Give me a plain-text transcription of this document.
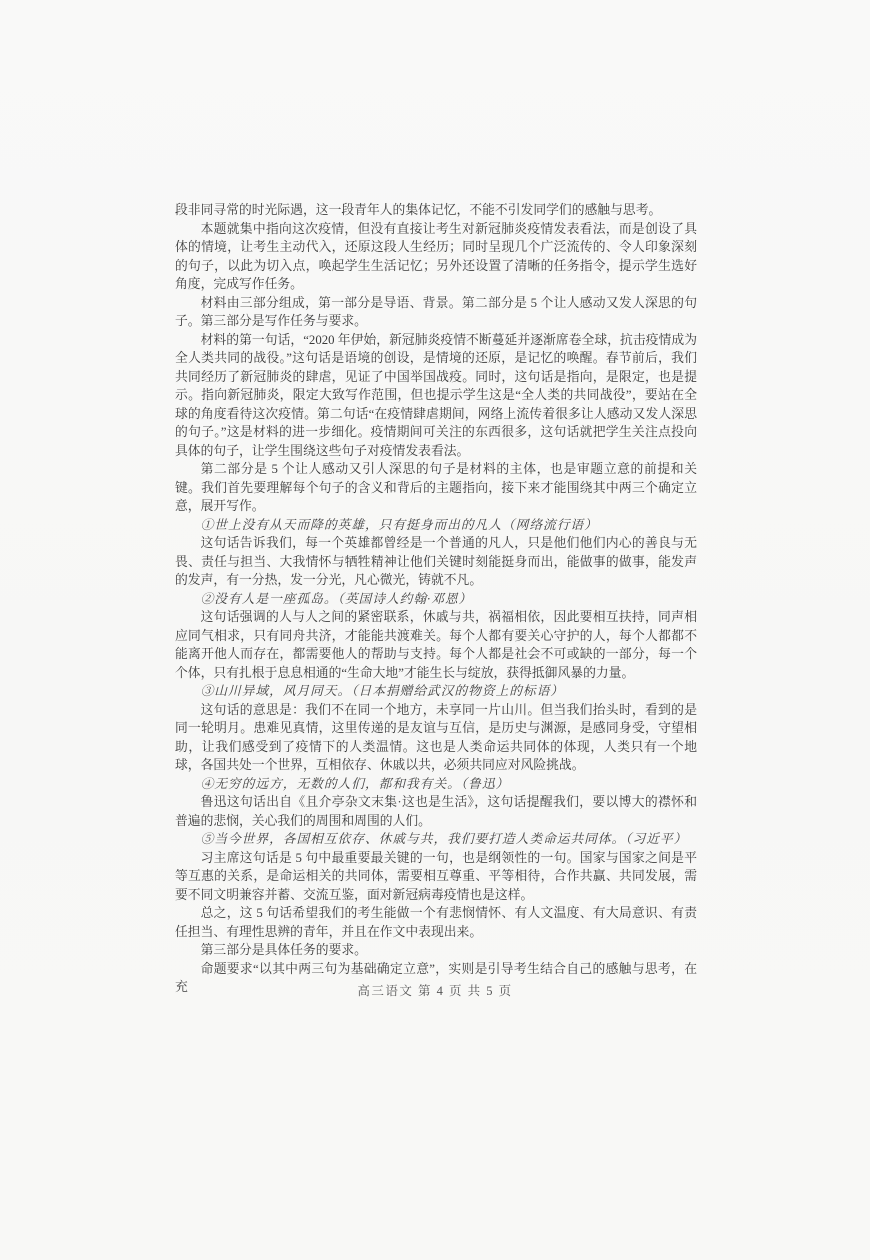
段非同寻常的时光际遇，这一段青年人的集体记忆，不能不引发同学们的感触与思考。

本题就集中指向这次疫情，但没有直接让考生对新冠肺炎疫情发表看法，而是创设了具体的情境，让考生主动代入，还原这段人生经历；同时呈现几个广泛流传的、令人印象深刻的句子，以此为切入点，唤起学生生活记忆；另外还设置了清晰的任务指令，提示学生选好角度，完成写作任务。

材料由三部分组成，第一部分是导语、背景。第二部分是 5 个让人感动又发人深思的句子。第三部分是写作任务与要求。

材料的第一句话，“2020 年伊始，新冠肺炎疫情不断蔓延并逐渐席卷全球，抗击疫情成为全人类共同的战役。”这句话是语境的创设，是情境的还原，是记忆的唤醒。春节前后，我们共同经历了新冠肺炎的肆虐，见证了中国举国战疫。同时，这句话是指向，是限定，也是提示。指向新冠肺炎，限定大致写作范围，但也提示学生这是“全人类的共同战役”，要站在全球的角度看待这次疫情。第二句话“在疫情肆虐期间，网络上流传着很多让人感动又发人深思的句子。”这是材料的进一步细化。疫情期间可关注的东西很多，这句话就把学生关注点投向具体的句子，让学生围绕这些句子对疫情发表看法。

第二部分是 5 个让人感动又引人深思的句子是材料的主体，也是审题立意的前提和关键。我们首先要理解每个句子的含义和背后的主题指向，接下来才能围绕其中两三个确定立意，展开写作。

①世上没有从天而降的英雄，只有挺身而出的凡人（网络流行语）

这句话告诉我们，每一个英雄都曾经是一个普通的凡人，只是他们他们内心的善良与无畏、责任与担当、大我情怀与牺牲精神让他们关键时刻能挺身而出，能做事的做事，能发声的发声，有一分热，发一分光，凡心微光，铸就不凡。

②没有人是一座孤岛。（英国诗人约翰·邓恩）

这句话强调的人与人之间的紧密联系，休戚与共，祸福相依，因此要相互扶持，同声相应同气相求，只有同舟共济，才能能共渡难关。每个人都有要关心守护的人，每个人都都不能离开他人而存在，都需要他人的帮助与支持。每个人都是社会不可或缺的一部分，每一个个体，只有扎根于息息相通的“生命大地”才能生长与绽放，获得抵御风暴的力量。

③山川异域，风月同天。（日本捐赠给武汉的物资上的标语）

这句话的意思是：我们不在同一个地方，未享同一片山川。但当我们抬头时，看到的是同一轮明月。患难见真情，这里传递的是友谊与互信，是历史与渊源，是感同身受，守望相助，让我们感受到了疫情下的人类温情。这也是人类命运共同体的体现，人类只有一个地球，各国共处一个世界，互相依存、休戚以共，必须共同应对风险挑战。

④无穷的远方，无数的人们，都和我有关。（鲁迅）

鲁迅这句话出自《且介亭杂文末集·这也是生活》，这句话提醒我们，要以博大的襟怀和普遍的悲悯，关心我们的周围和周围的人们。

⑤当今世界，各国相互依存、休戚与共，我们要打造人类命运共同体。（习近平）

习主席这句话是 5 句中最重要最关键的一句，也是纲领性的一句。国家与国家之间是平等互惠的关系，是命运相关的共同体，需要相互尊重、平等相待，合作共赢、共同发展，需要不同文明兼容并蓄、交流互鉴，面对新冠病毒疫情也是这样。

总之，这 5 句话希望我们的考生能做一个有悲悯情怀、有人文温度、有大局意识、有责任担当、有理性思辨的青年，并且在作文中表现出来。

第三部分是具体任务的要求。

命题要求“以其中两三句为基础确定立意”，实则是引导考生结合自己的感触与思考，在充	高三语文 第 4 页 共 5 页
